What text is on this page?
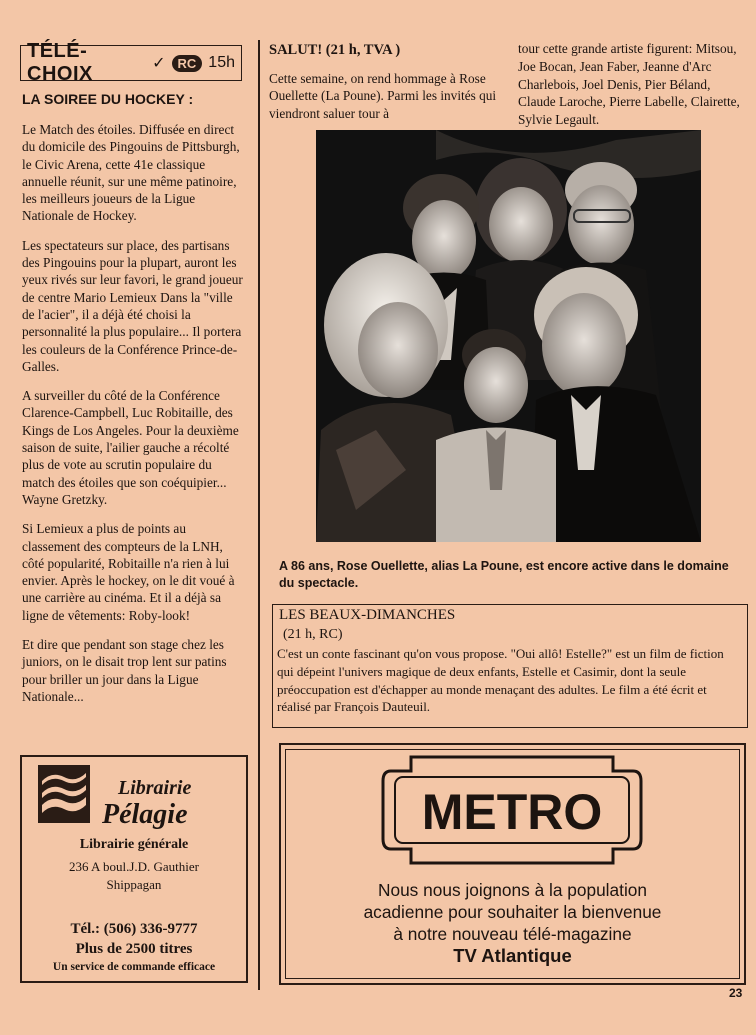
TÉLÉ-CHOIX	✓ RC 15h
LA SOIREE DU HOCKEY :

Le Match des étoiles. Diffusée en direct du domicile des Pingouins de Pittsburgh, le Civic Arena, cette 41e classique annuelle réunit, sur une même patinoire, les meilleurs joueurs de la Ligue Nationale de Hockey.

Les spectateurs sur place, des partisans des Pingouins pour la plupart, auront les yeux rivés sur leur favori, le grand joueur de centre Mario Lemieux Dans la "ville de l'acier", il a déjà été choisi la personnalité la plus populaire... Il portera les couleurs de la Conférence Prince-de-Galles.

A surveiller du côté de la Conférence Clarence-Campbell, Luc Robitaille, des Kings de Los Angeles. Pour la deuxième saison de suite, l'ailier gauche a récolté plus de vote au scrutin populaire du match des étoiles que son coéquipier... Wayne Gretzky.

Si Lemieux a plus de points au classement des compteurs de la LNH, côté popularité, Robitaille n'a rien à lui envier. Après le hockey, on le dit voué à une carrière au cinéma. Et il a déjà sa ligne de vêtements: Roby-look!

Et dire que pendant son stage chez les juniors, on le disait trop lent sur patins pour briller un jour dans la Ligue Nationale...

Librairie
Pélagie
Librairie générale
236 A boul.J.D. Gauthier
Shippagan
Tél.: (506) 336-9777
Plus de 2500 titres
Un service de commande efficace
SALUT! (21 h, TVA )
Cette semaine, on rend hommage à Rose Ouellette (La Poune). Parmi les invités qui viendront saluer tour à
tour cette grande artiste figurent: Mitsou, Joe Bocan, Jean Faber, Jeanne d'Arc Charlebois, Joel Denis, Pier Béland, Claude Laroche, Pierre Labelle, Clairette, Sylvie Legault.
A 86 ans, Rose Ouellette, alias La Poune, est encore active dans le domaine du spectacle.
LES BEAUX-DIMANCHES
(21 h, RC)
C'est un conte fascinant qu'on vous propose. "Oui allô! Estelle?" est un film de fiction qui dépeint l'univers magique de deux enfants, Estelle et Casimir, dont la seule préoccupation est d'échapper au monde menaçant des adultes. Le film a été écrit et réalisé par François Dauteuil.
METRO
Nous nous joignons à la population
acadienne pour souhaiter la bienvenue
à notre nouveau télé-magazine
TV Atlantique
23
